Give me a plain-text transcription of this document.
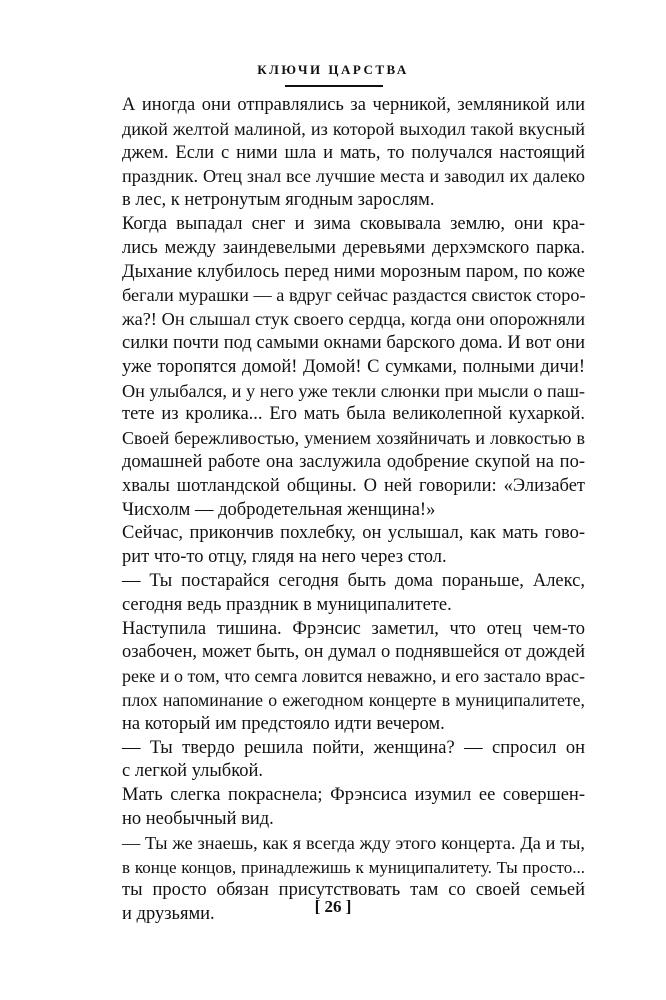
КЛЮЧИ ЦАРСТВА
А иногда они отправлялись за черникой, земляникой или
дикой желтой малиной, из которой выходил такой вкусный
джем. Если с ними шла и мать, то получался настоящий
праздник. Отец знал все лучшие места и заводил их далеко
в лес, к нетронутым ягодным зарослям.
Когда выпадал снег и зима сковывала землю, они кра-
лись между заиндевелыми деревьями дерхэмского парка.
Дыхание клубилось перед ними морозным паром, по коже
бегали мурашки — а вдруг сейчас раздастся свисток сторо-
жа?! Он слышал стук своего сердца, когда они опорожняли
силки почти под самыми окнами барского дома. И вот они
уже торопятся домой! Домой! С сумками, полными дичи!
Он улыбался, и у него уже текли слюнки при мысли о паш-
тете из кролика... Его мать была великолепной кухаркой.
Своей бережливостью, умением хозяйничать и ловкостью в
домашней работе она заслужила одобрение скупой на по-
хвалы шотландской общины. О ней говорили: «Элизабет
Чисхолм — добродетельная женщина!»
Сейчас, прикончив похлебку, он услышал, как мать гово-
рит что-то отцу, глядя на него через стол.
— Ты постарайся сегодня быть дома пораньше, Алекс,
сегодня ведь праздник в муниципалитете.
Наступила тишина. Фрэнсис заметил, что отец чем-то
озабочен, может быть, он думал о поднявшейся от дождей
реке и о том, что семга ловится неважно, и его застало врас-
плох напоминание о ежегодном концерте в муниципалитете,
на который им предстояло идти вечером.
— Ты твердо решила пойти, женщина? — спросил он
с легкой улыбкой.
Мать слегка покраснела; Фрэнсиса изумил ее совершен-
но необычный вид.
— Ты же знаешь, как я всегда жду этого концерта. Да и ты,
в конце концов, принадлежишь к муниципалитету. Ты просто...
ты просто обязан присутствовать там со своей семьей
и друзьями.	[ 26 ]
